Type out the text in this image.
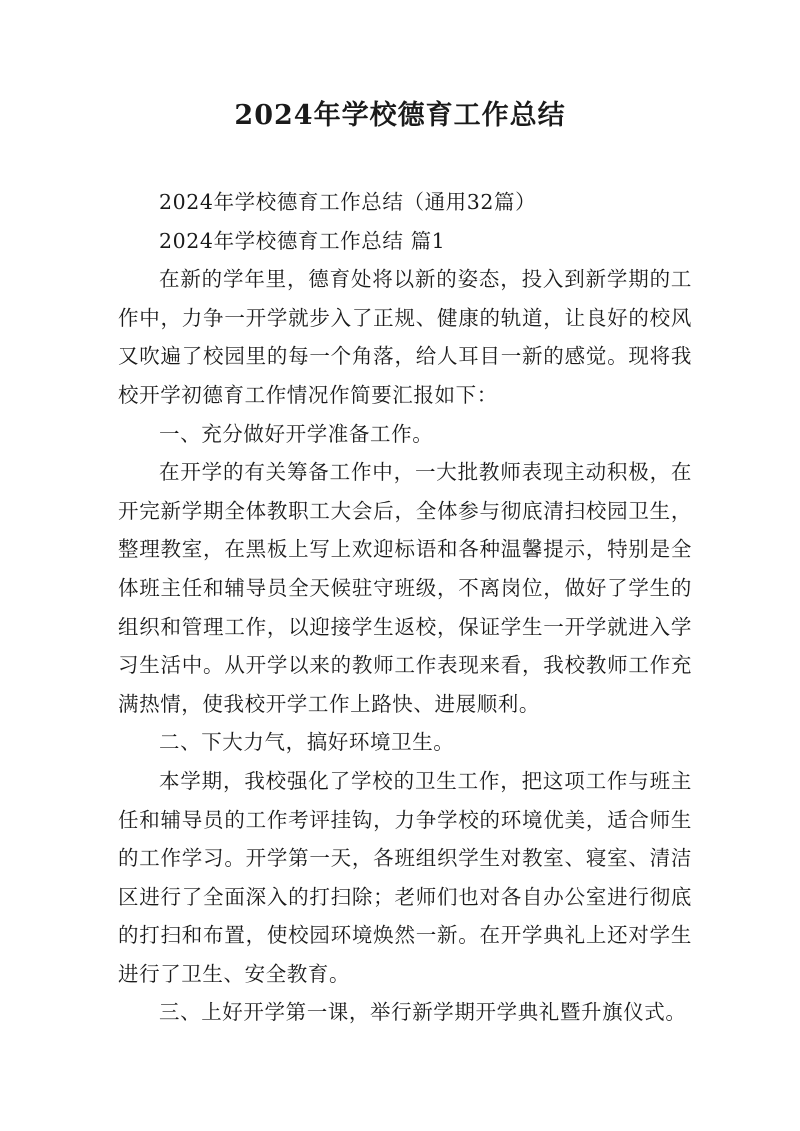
2024年学校德育工作总结

2024年学校德育工作总结（通用32篇）

2024年学校德育工作总结 篇1

在新的学年里，德育处将以新的姿态，投入到新学期的工作中，力争一开学就步入了正规、健康的轨道，让良好的校风又吹遍了校园里的每一个角落，给人耳目一新的感觉。现将我校开学初德育工作情况作简要汇报如下：

一、充分做好开学准备工作。

在开学的有关筹备工作中，一大批教师表现主动积极，在开完新学期全体教职工大会后，全体参与彻底清扫校园卫生，整理教室，在黑板上写上欢迎标语和各种温馨提示，特别是全体班主任和辅导员全天候驻守班级，不离岗位，做好了学生的组织和管理工作，以迎接学生返校，保证学生一开学就进入学习生活中。从开学以来的教师工作表现来看，我校教师工作充满热情，使我校开学工作上路快、进展顺利。

二、下大力气，搞好环境卫生。

本学期，我校强化了学校的卫生工作，把这项工作与班主任和辅导员的工作考评挂钩，力争学校的环境优美，适合师生的工作学习。开学第一天，各班组织学生对教室、寝室、清洁区进行了全面深入的打扫除；老师们也对各自办公室进行彻底的打扫和布置，使校园环境焕然一新。在开学典礼上还对学生进行了卫生、安全教育。

三、上好开学第一课，举行新学期开学典礼暨升旗仪式。
